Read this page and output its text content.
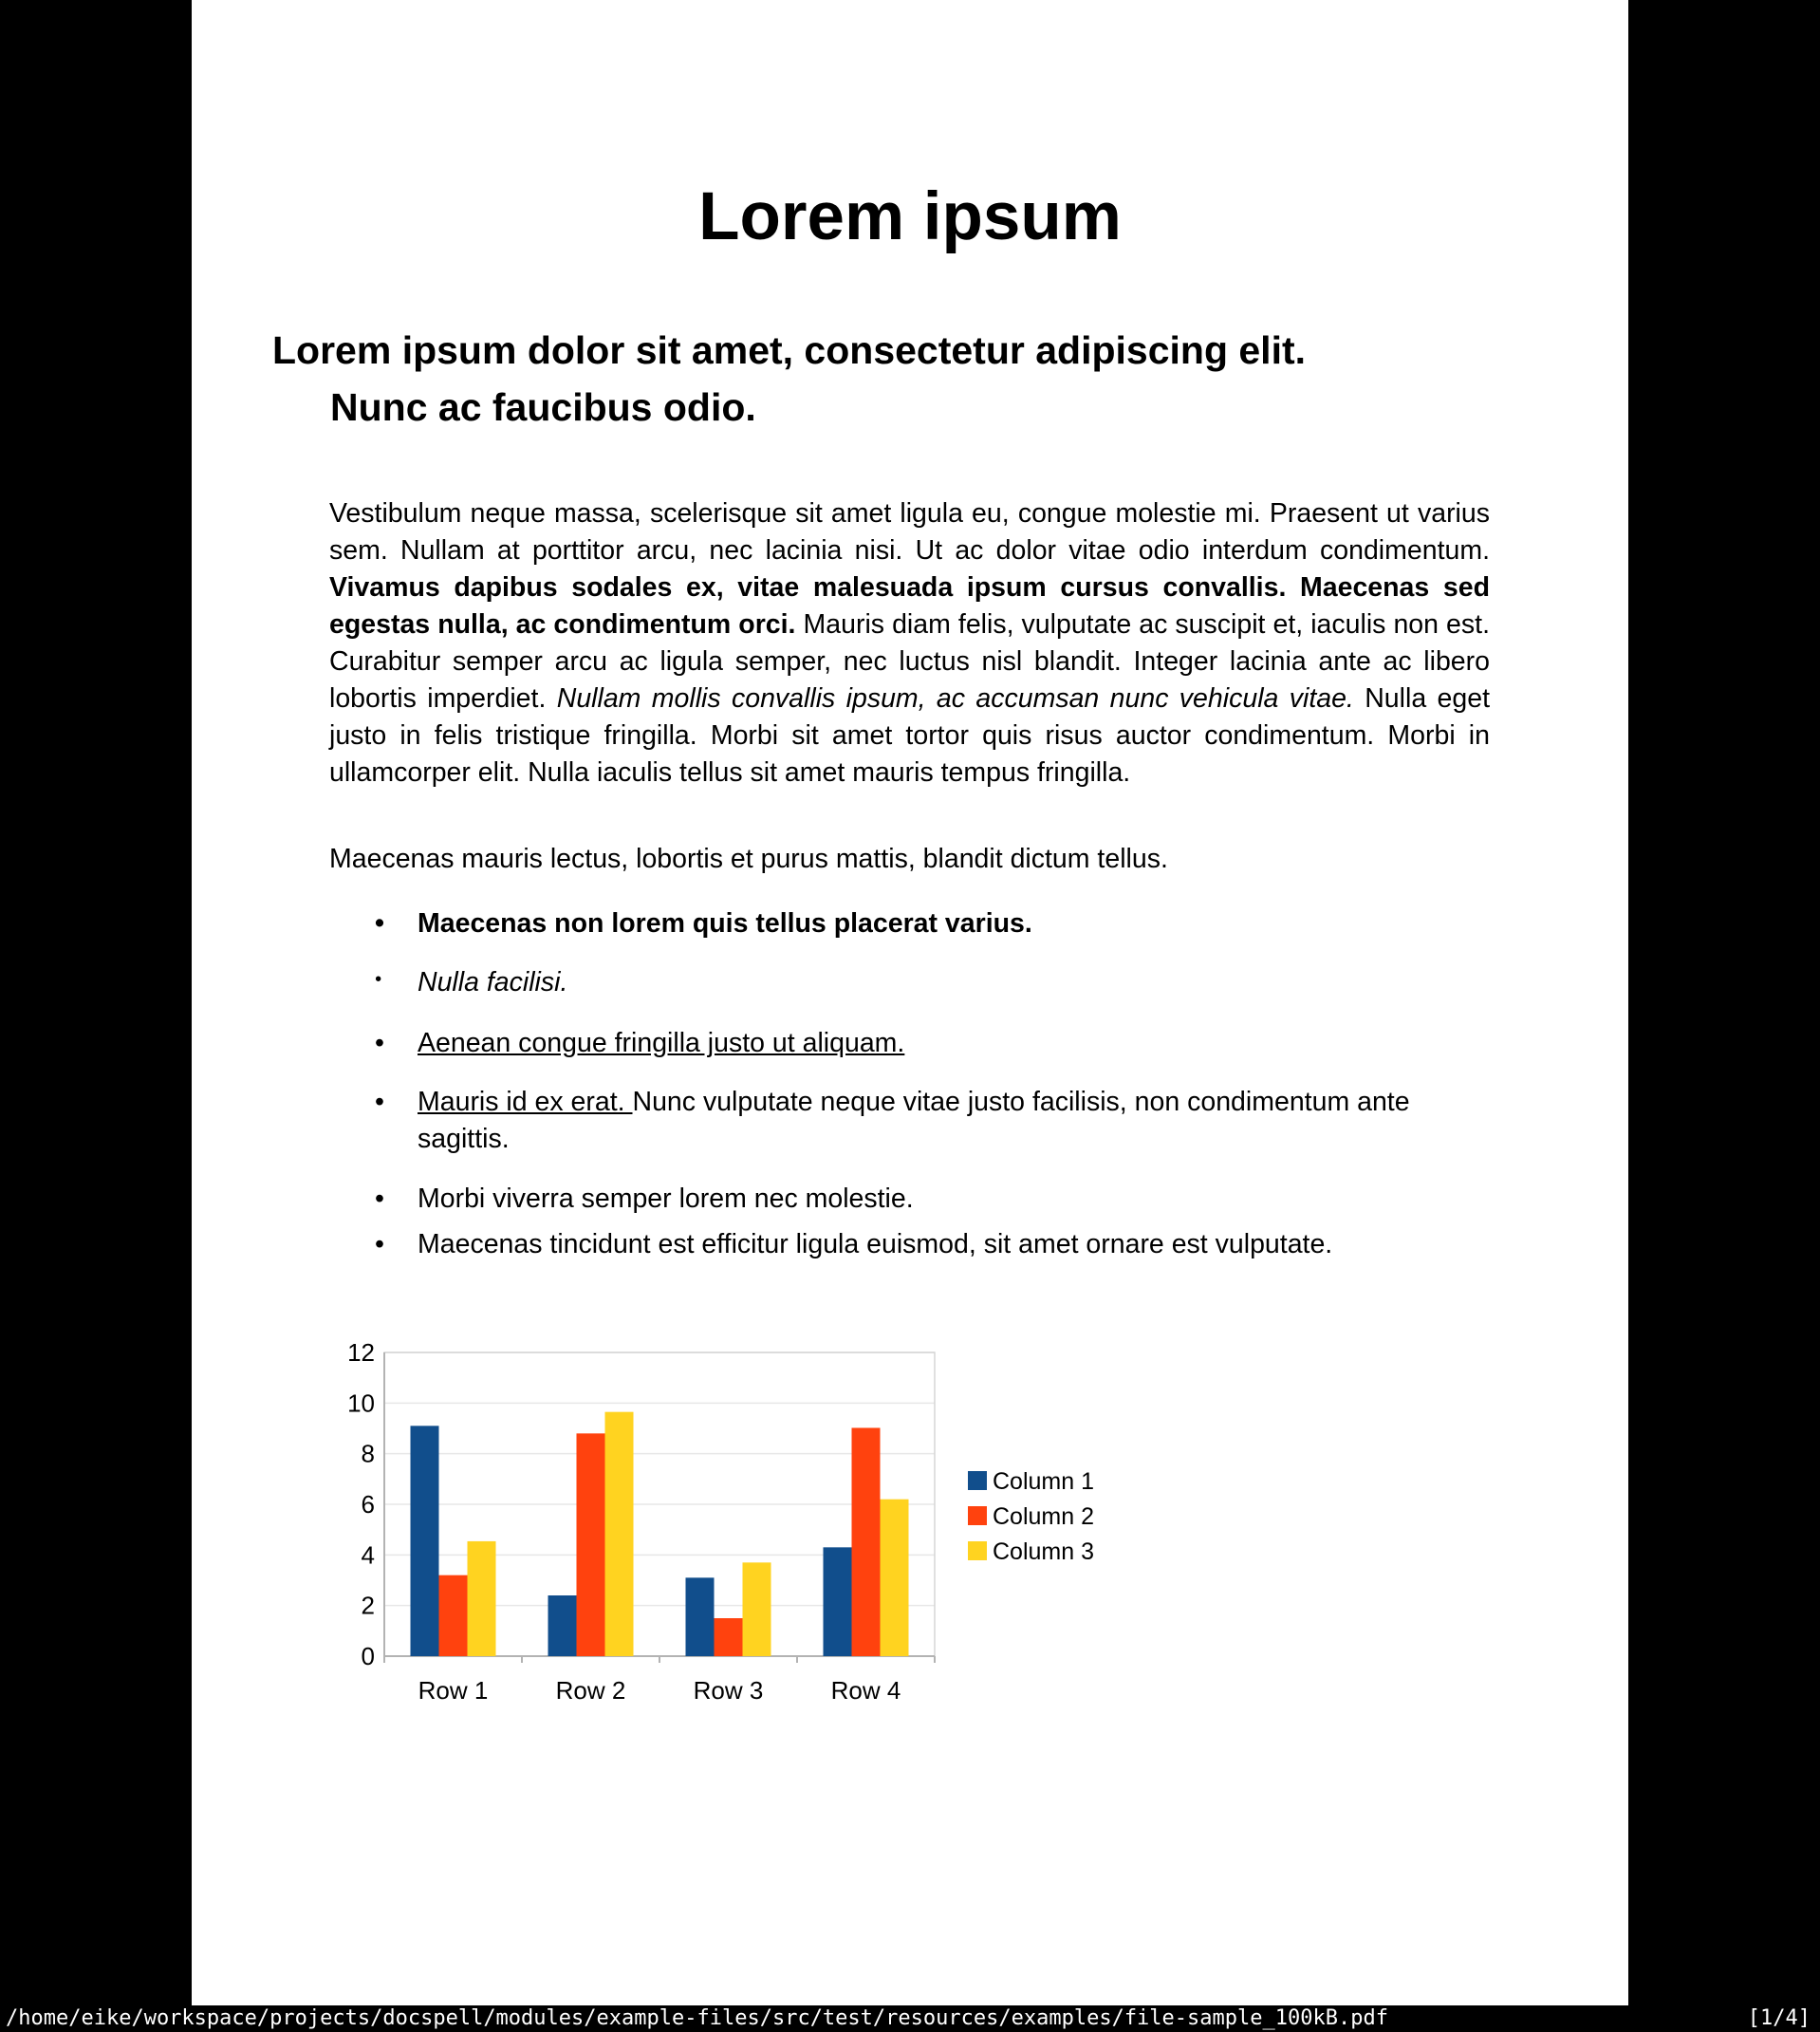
Lorem ipsum
Lorem ipsum dolor sit amet, consectetur adipiscing elit.
Nunc ac faucibus odio.
Vestibulum neque massa, scelerisque sit amet ligula eu, congue molestie mi. Praesent ut varius sem. Nullam at porttitor arcu, nec lacinia nisi. Ut ac dolor vitae odio interdum condimentum. Vivamus dapibus sodales ex, vitae malesuada ipsum cursus convallis. Maecenas sed egestas nulla, ac condimentum orci. Mauris diam felis, vulputate ac suscipit et, iaculis non est. Curabitur semper arcu ac ligula semper, nec luctus nisl blandit. Integer lacinia ante ac libero lobortis imperdiet. Nullam mollis convallis ipsum, ac accumsan nunc vehicula vitae. Nulla eget justo in felis tristique fringilla. Morbi sit amet tortor quis risus auctor condimentum. Morbi in ullamcorper elit. Nulla iaculis tellus sit amet mauris tempus fringilla.
Maecenas mauris lectus, lobortis et purus mattis, blandit dictum tellus.
• Maecenas non lorem quis tellus placerat varius.
• Nulla facilisi.
• Aenean congue fringilla justo ut aliquam.
• Mauris id ex erat. Nunc vulputate neque vitae justo facilisis, non condimentum ante sagittis.
• Morbi viverra semper lorem nec molestie.
• Maecenas tincidunt est efficitur ligula euismod, sit amet ornare est vulputate.
0
2
4
6
8
10
12
Row 1	Row 2	Row 3	Row 4
Column 1
Column 2
Column 3
/home/eike/workspace/projects/docspell/modules/example-files/src/test/resources/examples/file-sample_100kB.pdf	[1/4]
